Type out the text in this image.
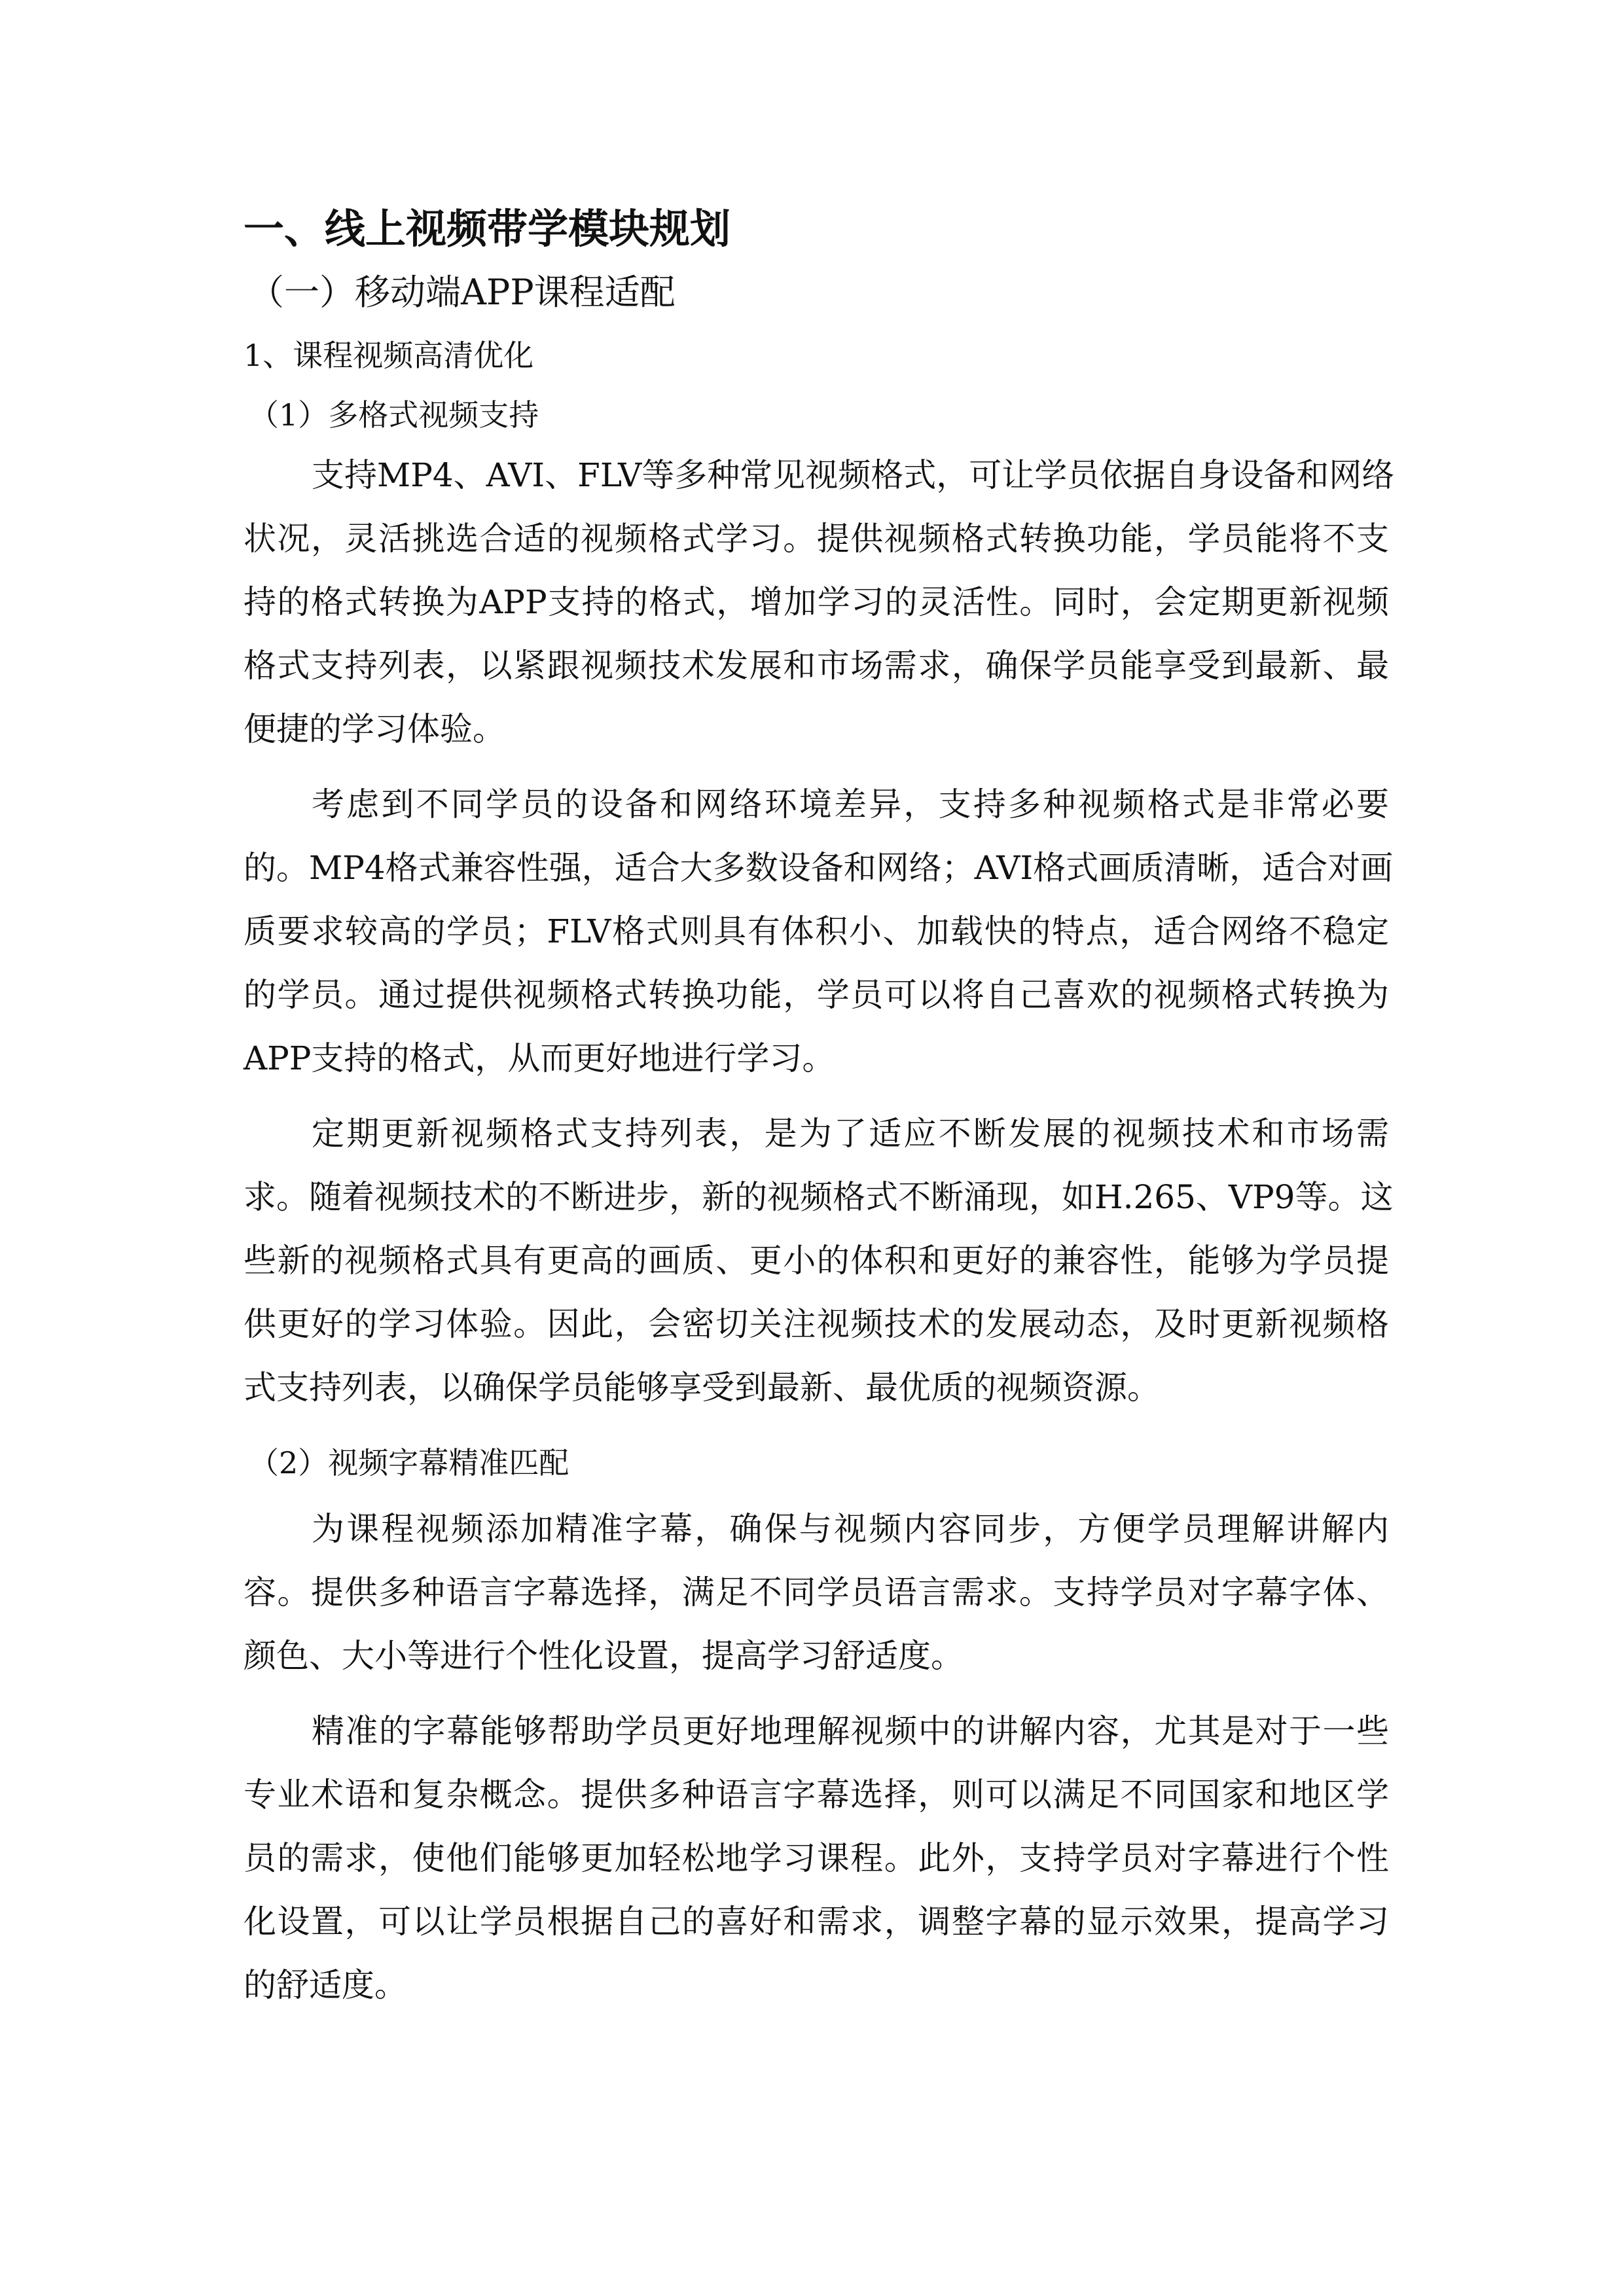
一、线上视频带学模块规划
（一）移动端APP课程适配
1、课程视频高清优化
（1）多格式视频支持
支持MP4、AVI、FLV等多种常见视频格式，可让学员依据自身设备和网络
状况，灵活挑选合适的视频格式学习。提供视频格式转换功能，学员能将不支
持的格式转换为APP支持的格式，增加学习的灵活性。同时，会定期更新视频
格式支持列表，以紧跟视频技术发展和市场需求，确保学员能享受到最新、最
便捷的学习体验。
考虑到不同学员的设备和网络环境差异，支持多种视频格式是非常必要
的。MP4格式兼容性强，适合大多数设备和网络；AVI格式画质清晰，适合对画
质要求较高的学员；FLV格式则具有体积小、加载快的特点，适合网络不稳定
的学员。通过提供视频格式转换功能，学员可以将自己喜欢的视频格式转换为
APP支持的格式，从而更好地进行学习。
定期更新视频格式支持列表，是为了适应不断发展的视频技术和市场需
求。随着视频技术的不断进步，新的视频格式不断涌现，如H.265、VP9等。这
些新的视频格式具有更高的画质、更小的体积和更好的兼容性，能够为学员提
供更好的学习体验。因此，会密切关注视频技术的发展动态，及时更新视频格
式支持列表，以确保学员能够享受到最新、最优质的视频资源。
（2）视频字幕精准匹配
为课程视频添加精准字幕，确保与视频内容同步，方便学员理解讲解内
容。提供多种语言字幕选择，满足不同学员语言需求。支持学员对字幕字体、
颜色、大小等进行个性化设置，提高学习舒适度。
精准的字幕能够帮助学员更好地理解视频中的讲解内容，尤其是对于一些
专业术语和复杂概念。提供多种语言字幕选择，则可以满足不同国家和地区学
员的需求，使他们能够更加轻松地学习课程。此外，支持学员对字幕进行个性
化设置，可以让学员根据自己的喜好和需求，调整字幕的显示效果，提高学习
的舒适度。
